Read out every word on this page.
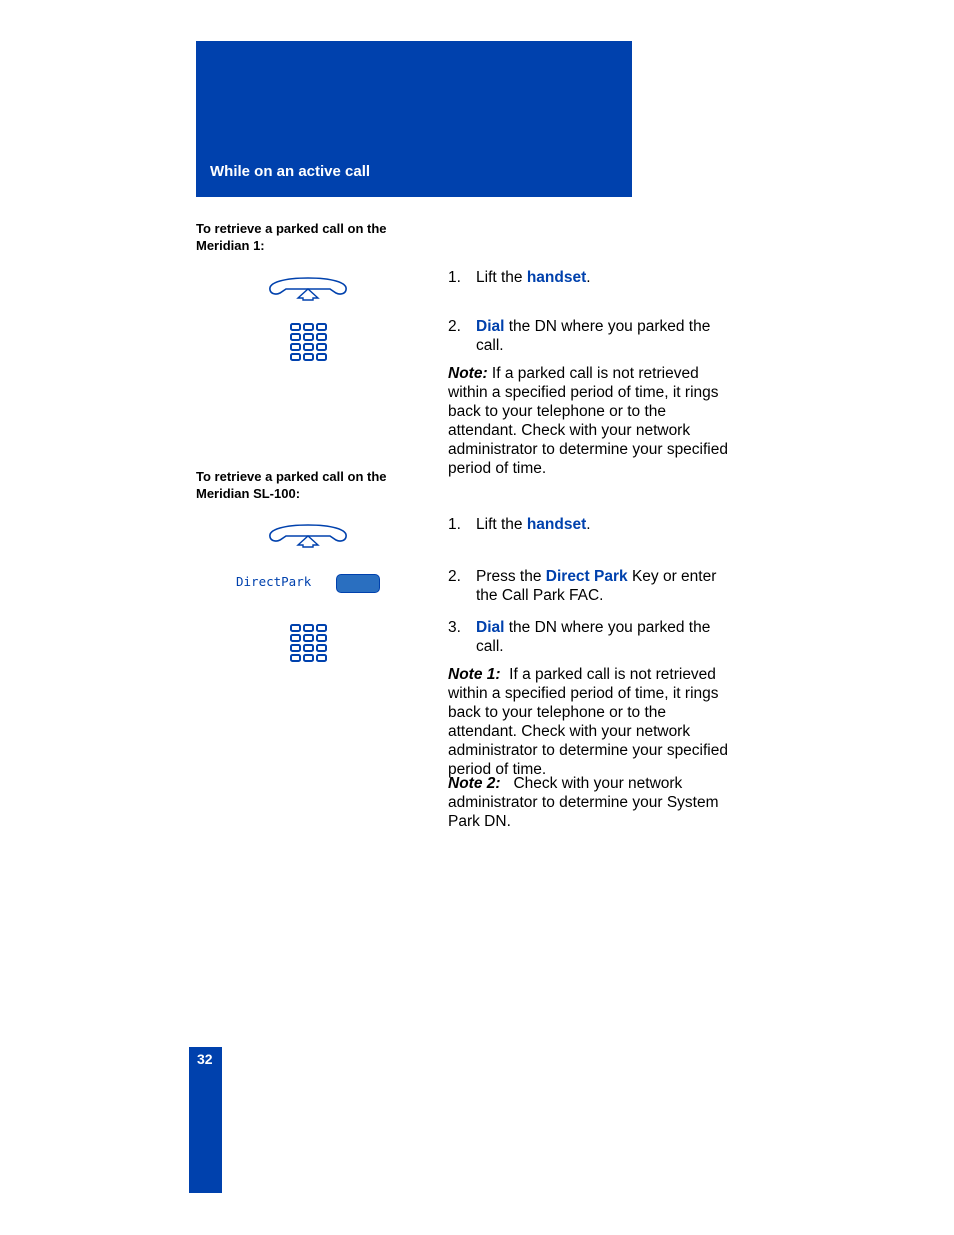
While on an active call
To retrieve a parked call on the
Meridian 1:
1. Lift the handset.
2. Dial the DN where you parked the call.
Note: If a parked call is not retrieved within a specified period of time, it rings back to your telephone or to the attendant. Check with your network administrator to determine your specified period of time.
To retrieve a parked call on the
Meridian SL-100:
DirectPark
1. Lift the handset.
2. Press the Direct Park Key or enter the Call Park FAC.
3. Dial the DN where you parked the call.
Note 1:  If a parked call is not retrieved within a specified period of time, it rings back to your telephone or to the attendant. Check with your network administrator to determine your specified period of time.
Note 2:   Check with your network administrator to determine your System Park DN.
32
